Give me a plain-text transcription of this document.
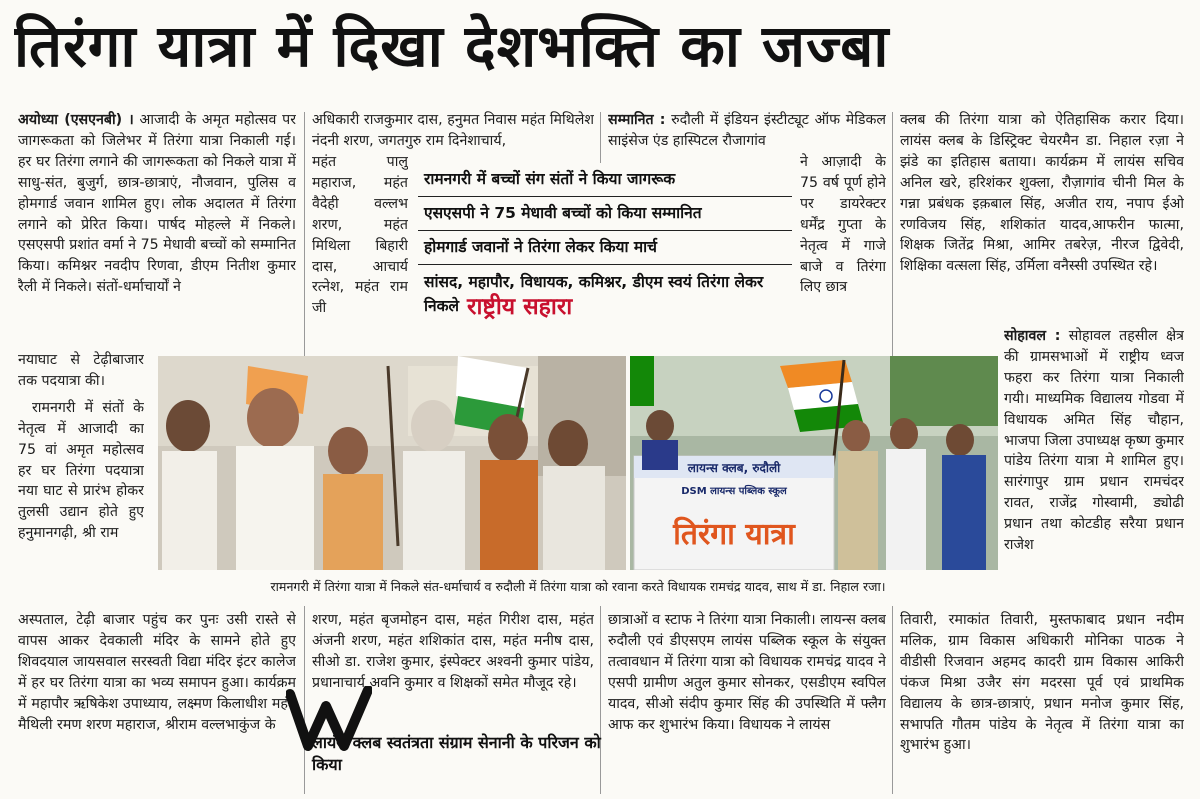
तिरंगा यात्रा में दिखा देशभक्ति का जज्बा

अयोध्या (एसएनबी) । आजादी के अमृत महोत्सव पर जागरूकता को जिलेभर में तिरंगा यात्रा निकाली गई। हर घर तिरंगा लगाने की जागरूकता को निकले यात्रा में साधु-संत, बुजुर्ग, छात्र-छात्राएं, नौजवान, पुलिस व होमगार्ड जवान शामिल हुए। लोक अदालत में तिरंगा लगाने को प्रेरित किया। पार्षद मोहल्ले में निकले। एसएसपी प्रशांत वर्मा ने 75 मेधावी बच्चों को सम्मानित किया। कमिश्नर नवदीप रिणवा, डीएम नितीश कुमार रैली में निकले। संतों-धर्माचार्यों ने

नयाघाट से टेढ़ीबाजार तक पदयात्रा की।

रामनगरी में संतों के नेतृत्व में आजादी का 75 वां अमृत महोत्सव हर घर तिरंगा पदयात्रा नया घाट से प्रारंभ होकर तुलसी उद्यान होते हुए हनुमानगढ़ी, श्री राम

अस्पताल, टेढ़ी बाजार पहुंच कर पुनः उसी रास्ते से वापस आकर देवकाली मंदिर के सामने होते हुए शिवदयाल जायसवाल सरस्वती विद्या मंदिर इंटर कालेज में हर घर तिरंगा यात्रा का भव्य समापन हुआ। कार्यक्रम में महापौर ऋषिकेश उपाध्याय, लक्ष्मण किलाधीश महंत मैथिली रमण शरण महाराज, श्रीराम वल्लभाकुंज के

अधिकारी राजकुमार दास, हनुमत निवास महंत मिथिलेश नंदनी शरण, जगतगुरु राम दिनेशाचार्य,

महंत पालु महाराज, महंत वैदेही वल्लभ शरण, महंत मिथिला बिहारी दास, आचार्य रत्नेश, महंत राम जी

शरण, महंत बृजमोहन दास, महंत गिरीश दास, महंत अंजनी शरण, महंत शशिकांत दास, महंत मनीष दास, सीओ डा. राजेश कुमार, इंस्पेक्टर अश्वनी कुमार पांडेय, प्रधानाचार्य अवनि कुमार व शिक्षकों समेत मौजूद रहे।

लायंस क्लब स्वतंत्रता संग्राम सेनानी के परिजन को किया

सम्मानित : रुदौली में इंडियन इंस्टीट्यूट ऑफ मेडिकल साइंसेज एंड हास्पिटल रौजागांव

ने आज़ादी के 75 वर्ष पूर्ण होने पर डायरेक्टर धर्मेंद्र गुप्ता के नेतृत्व में गाजे बाजे व तिरंगा लिए छात्र

छात्राओं व स्टाफ ने तिरंगा यात्रा निकाली। लायन्स क्लब रुदौली एवं डीएसएम लायंस पब्लिक स्कूल के संयुक्त तत्वावधान में तिरंगा यात्रा को विधायक रामचंद्र यादव ने एसपी ग्रामीण अतुल कुमार सोनकर, एसडीएम स्वपिल यादव, सीओ संदीप कुमार सिंह की उपस्थिति में फ्लैग आफ कर शुभारंभ किया। विधायक ने लायंस

क्लब की तिरंगा यात्रा को ऐतिहासिक करार दिया। लायंस क्लब के डिस्ट्रिक्ट चेयरमैन डा. निहाल रज़ा ने झंडे का इतिहास बताया। कार्यक्रम में लायंस सचिव अनिल खरे, हरिशंकर शुक्ला, रौज़ागांव चीनी मिल के गन्ना प्रबंधक इक़बाल सिंह, अजीत राय, नपाप ईओ रणविजय सिंह, शशिकांत यादव,आफरीन फात्मा, शिक्षक जितेंद्र मिश्रा, आमिर तबरेज़, नीरज द्विवेदी, शिक्षिका वत्सला सिंह, उर्मिला वनैस्सी उपस्थित रहे।

सोहावल : सोहावल तहसील क्षेत्र की ग्रामसभाओं में राष्ट्रीय ध्वज फहरा कर तिरंगा यात्रा निकाली गयी। माध्यमिक विद्यालय गोडवा में विधायक अमित सिंह चौहान, भाजपा जिला उपाध्यक्ष कृष्ण कुमार पांडेय तिरंगा यात्रा मे शामिल हुए। सारंगापुर ग्राम प्रधान रामचंदर रावत, राजेंद्र गोस्वामी, ड्योढी प्रधान तथा कोटडीह सरैया प्रधान राजेश

तिवारी, रमाकांत तिवारी, मुस्तफाबाद प्रधान नदीम मलिक, ग्राम विकास अधिकारी मोनिका पाठक ने वीडीसी रिजवान अहमद कादरी ग्राम विकास आकिरी पंकज मिश्रा उजैर संग मदरसा पूर्व एवं प्राथमिक विद्यालय के छात्र-छात्राएं, प्रधान मनोज कुमार सिंह, सभापति गौतम पांडेय के नेतृत्व में तिरंगा यात्रा का शुभारंभ हुआ।

रामनगरी में बच्चों संग संतों ने किया जागरूक
एसएसपी ने 75 मेधावी बच्चों को किया सम्मानित
होमगार्ड जवानों ने तिरंगा लेकर किया मार्च
सांसद, महापौर, विधायक, कमिश्नर, डीएम स्वयं तिरंगा लेकर निकले राष्ट्रीय सहारा
लायन्स क्लब, रुदौली
DSM लायन्स पब्लिक स्कूल
तिरंगा यात्रा
रामनगरी में तिरंगा यात्रा में निकले संत-धर्माचार्य व रुदौली में तिरंगा यात्रा को रवाना करते विधायक रामचंद्र यादव, साथ में डा. निहाल रजा।
